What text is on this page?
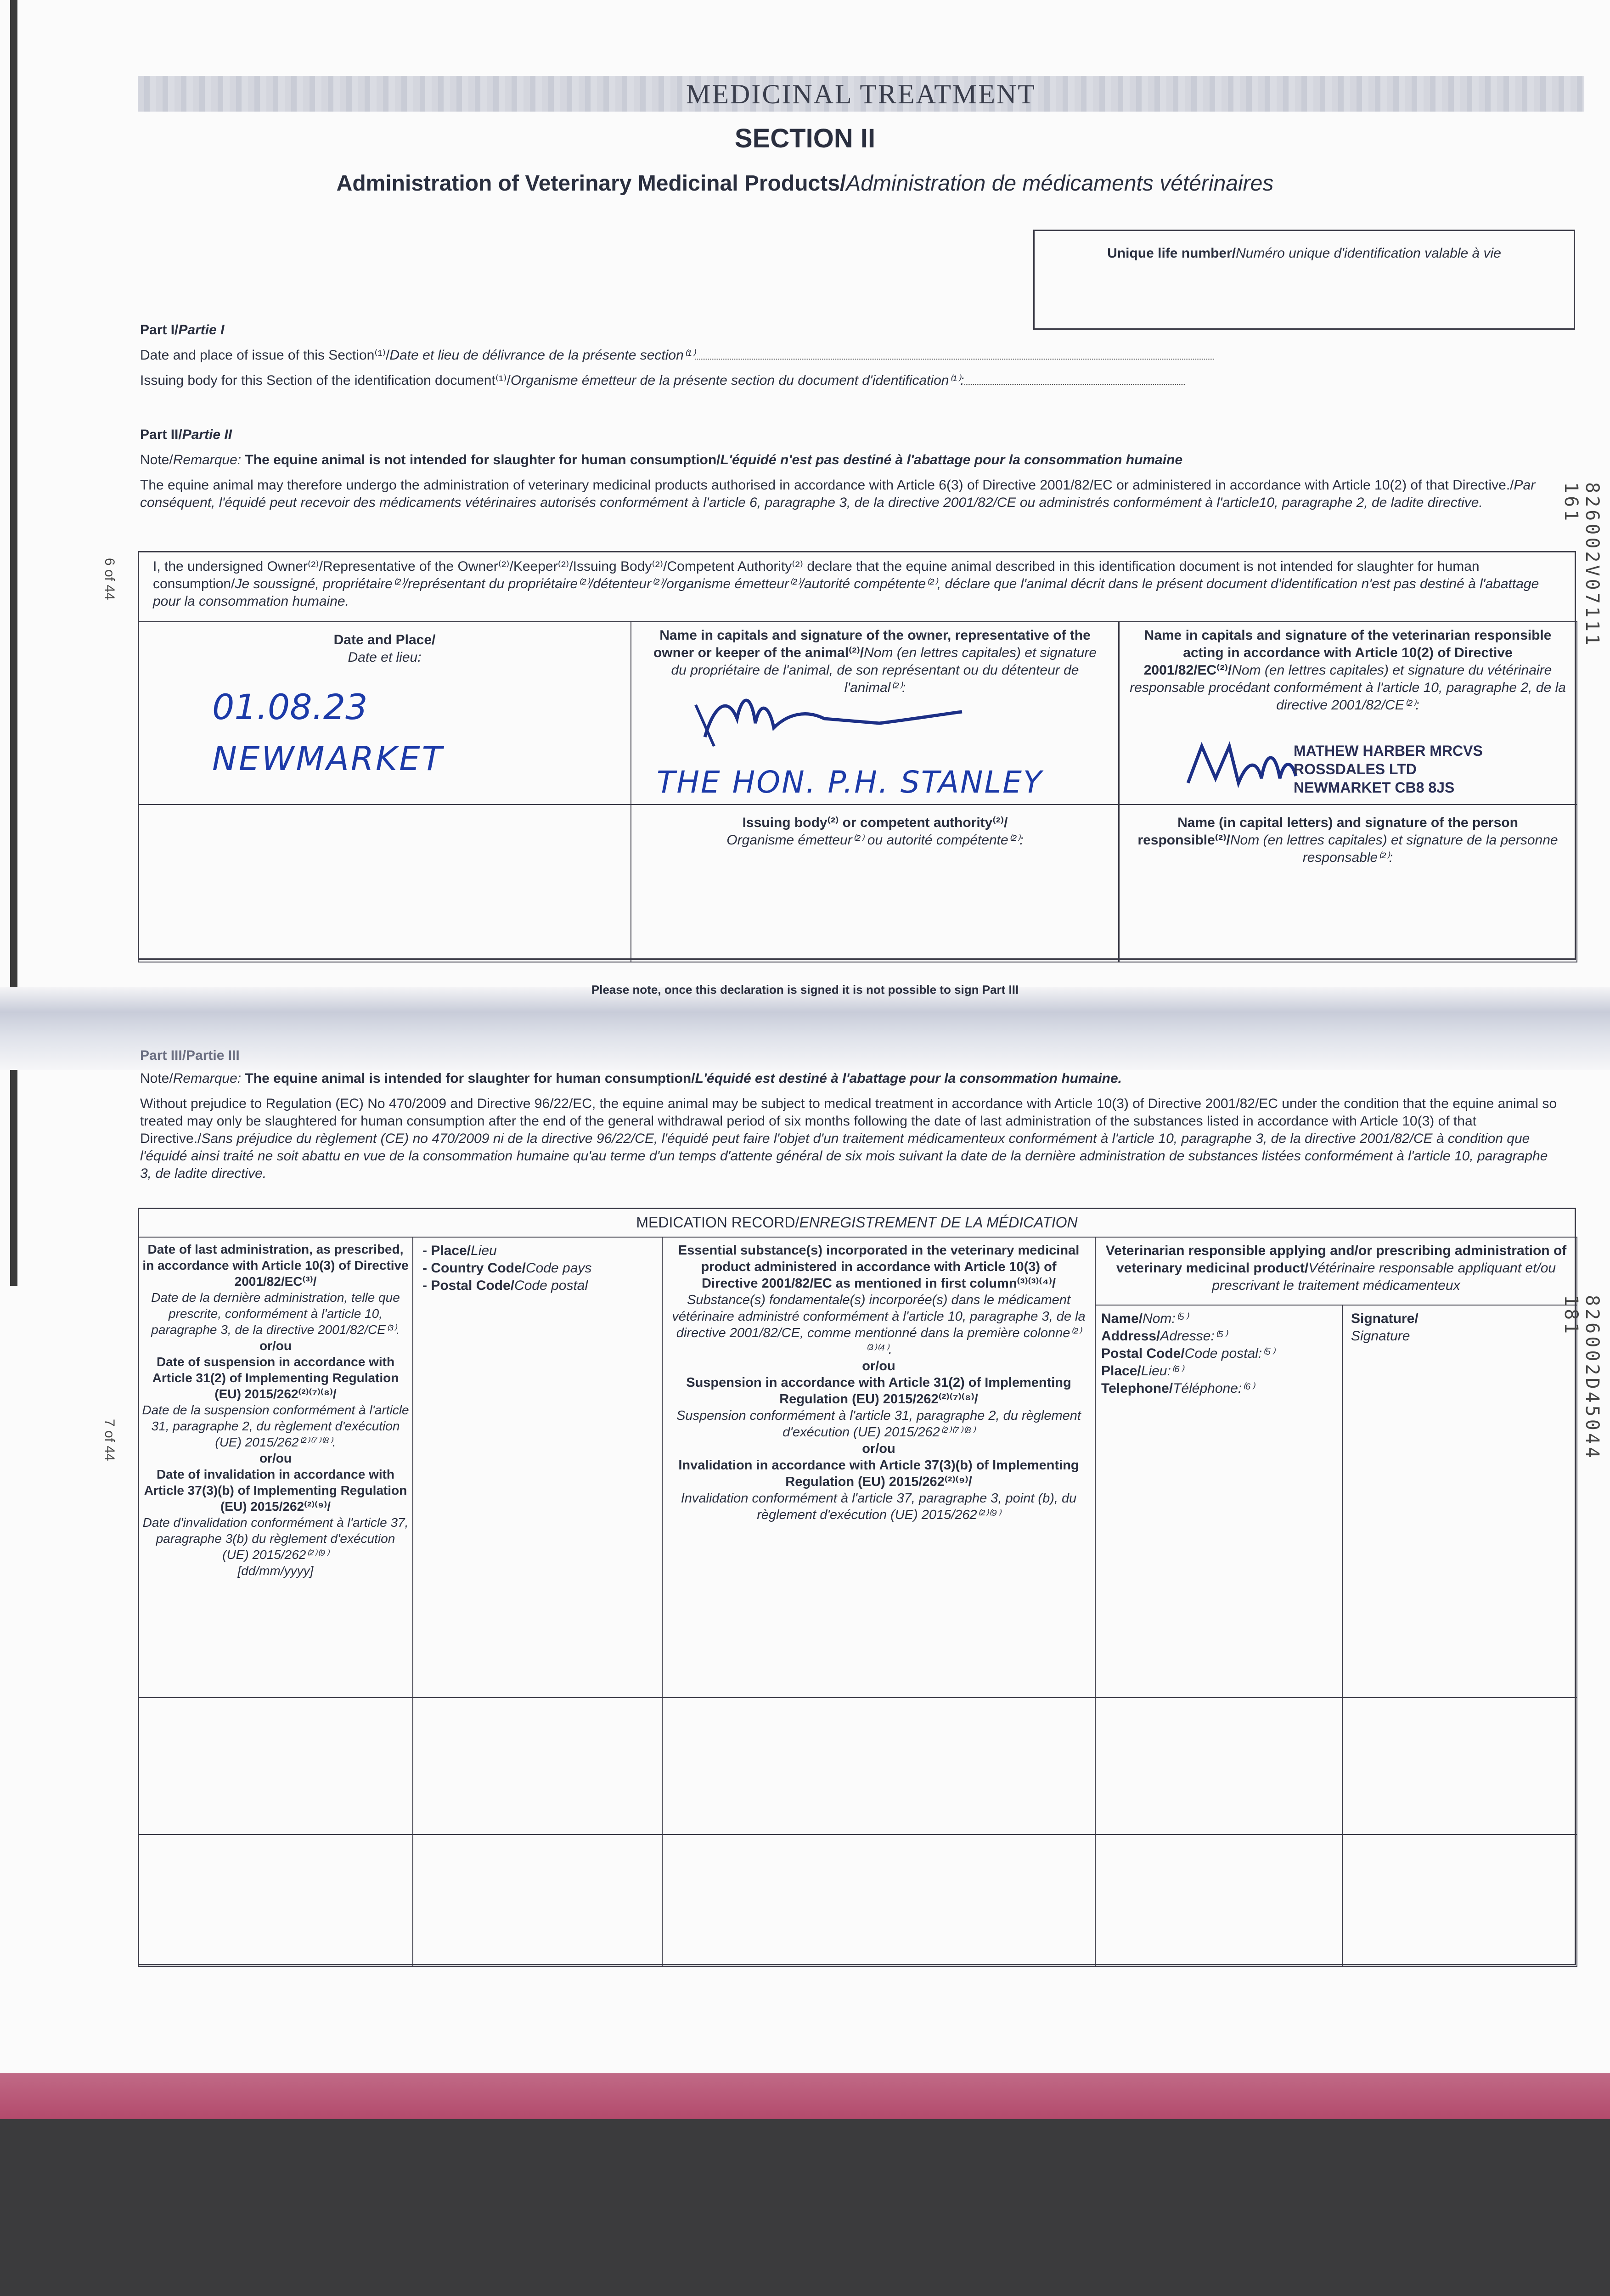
MEDICINAL TREATMENT
SECTION II
Administration of Veterinary Medicinal Products/Administration de médicaments vétérinaires
Unique life number/Numéro unique d'identification valable à vie
Part I/Partie I
Date and place of issue of this Section⁽¹⁾/Date et lieu de délivrance de la présente section⁽¹⁾
Issuing body for this Section of the identification document⁽¹⁾/Organisme émetteur de la présente section du document d'identification⁽¹⁾:
Part II/Partie II
Note/Remarque: The equine animal is not intended for slaughter for human consumption/L'équidé n'est pas destiné à l'abattage pour la consommation humaine
The equine animal may therefore undergo the administration of veterinary medicinal products authorised in accordance with Article 6(3) of Directive 2001/82/EC or administered in accordance with Article 10(2) of that Directive./Par conséquent, l'équidé peut recevoir des médicaments vétérinaires autorisés conformément à l'article 6, paragraphe 3, de la directive 2001/82/CE ou administrés conformément à l'article10, paragraphe 2, de ladite directive.
I, the undersigned Owner⁽²⁾/Representative of the Owner⁽²⁾/Keeper⁽²⁾/Issuing Body⁽²⁾/Competent Authority⁽²⁾ declare that the equine animal described in this identification document is not intended for slaughter for human consumption/Je soussigné, propriétaire⁽²⁾/représentant du propriétaire⁽²⁾/détenteur⁽²⁾/organisme émetteur⁽²⁾/autorité compétente⁽²⁾, déclare que l'animal décrit dans le présent document d'identification n'est pas destiné à l'abattage pour la consommation humaine.
Date and Place/
Date et lieu:
01.08.23
NEWMARKET
Name in capitals and signature of the owner, representative of the owner or keeper of the animal⁽²⁾/Nom (en lettres capitales) et signature du propriétaire de l'animal, de son représentant ou du détenteur de l'animal⁽²⁾:
THE HON. P.H. STANLEY
Name in capitals and signature of the veterinarian responsible acting in accordance with Article 10(2) of Directive 2001/82/EC⁽²⁾/Nom (en lettres capitales) et signature du vétérinaire responsable procédant conformément à l'article 10, paragraphe 2, de la directive 2001/82/CE⁽²⁾:
MATHEW HARBER MRCVS
ROSSDALES LTD
NEWMARKET CB8 8JS
Issuing body⁽²⁾ or competent authority⁽²⁾/
Organisme émetteur⁽²⁾ ou autorité compétente⁽²⁾:
Name (in capital letters) and signature of the person responsible⁽²⁾/Nom (en lettres capitales) et signature de la personne responsable⁽²⁾:
Please note, once this declaration is signed it is not possible to sign Part III
Part III/Partie III
Note/Remarque: The equine animal is intended for slaughter for human consumption/L'équidé est destiné à l'abattage pour la consommation humaine.
Without prejudice to Regulation (EC) No 470/2009 and Directive 96/22/EC, the equine animal may be subject to medical treatment in accordance with Article 10(3) of Directive 2001/82/EC under the condition that the equine animal so treated may only be slaughtered for human consumption after the end of the general withdrawal period of six months following the date of last administration of the substances listed in accordance with Article 10(3) of that Directive./Sans préjudice du règlement (CE) no 470/2009 ni de la directive 96/22/CE, l'équidé peut faire l'objet d'un traitement médicamenteux conformément à l'article 10, paragraphe 3, de la directive 2001/82/CE à condition que l'équidé ainsi traité ne soit abattu en vue de la consommation humaine qu'au terme d'un temps d'attente général de six mois suivant la date de la dernière administration de substances listées conformément à l'article 10, paragraphe 3, de ladite directive.
MEDICATION RECORD/ENREGISTREMENT DE LA MÉDICATION
Date of last administration, as prescribed, in accordance with Article 10(3) of Directive 2001/82/EC⁽³⁾/
Date de la dernière administration, telle que prescrite, conformément à l'article 10, paragraphe 3, de la directive 2001/82/CE⁽³⁾.
or/ou
Date of suspension in accordance with Article 31(2) of Implementing Regulation (EU) 2015/262⁽²⁾⁽⁷⁾⁽⁸⁾/
Date de la suspension conformément à l'article 31, paragraphe 2, du règlement d'exécution (UE) 2015/262⁽²⁾⁽⁷⁾⁽⁸⁾.
or/ou
Date of invalidation in accordance with Article 37(3)(b) of Implementing Regulation (EU) 2015/262⁽²⁾⁽⁹⁾/
Date d'invalidation conformément à l'article 37, paragraphe 3(b) du règlement d'exécution (UE) 2015/262⁽²⁾⁽⁹⁾
[dd/mm/yyyy]
- Place/Lieu
- Country Code/Code pays
- Postal Code/Code postal
Essential substance(s) incorporated in the veterinary medicinal product administered in accordance with Article 10(3) of Directive 2001/82/EC as mentioned in first column⁽³⁾⁽³⁾⁽⁴⁾/
Substance(s) fondamentale(s) incorporée(s) dans le médicament vétérinaire administré conformément à l'article 10, paragraphe 3, de la directive 2001/82/CE, comme mentionné dans la première colonne⁽²⁾⁽³⁾⁽⁴⁾.
or/ou
Suspension in accordance with Article 31(2) of Implementing Regulation (EU) 2015/262⁽²⁾⁽⁷⁾⁽⁸⁾/
Suspension conformément à l'article 31, paragraphe 2, du règlement d'exécution (UE) 2015/262⁽²⁾⁽⁷⁾⁽⁸⁾
or/ou
Invalidation in accordance with Article 37(3)(b) of Implementing Regulation (EU) 2015/262⁽²⁾⁽⁹⁾/
Invalidation conformément à l'article 37, paragraphe 3, point (b), du règlement d'exécution (UE) 2015/262⁽²⁾⁽⁹⁾
Veterinarian responsible applying and/or prescribing administration of veterinary medicinal product/Vétérinaire responsable appliquant et/ou prescrivant le traitement médicamenteux
Name/Nom:⁽⁵⁾
Address/Adresse:⁽⁵⁾
Postal Code/Code postal:⁽⁵⁾
Place/Lieu:⁽⁶⁾
Telephone/Téléphone:⁽⁶⁾
Signature/
Signature
6 of 44
7 of 44
826002V07111 161
826002D45044 181
